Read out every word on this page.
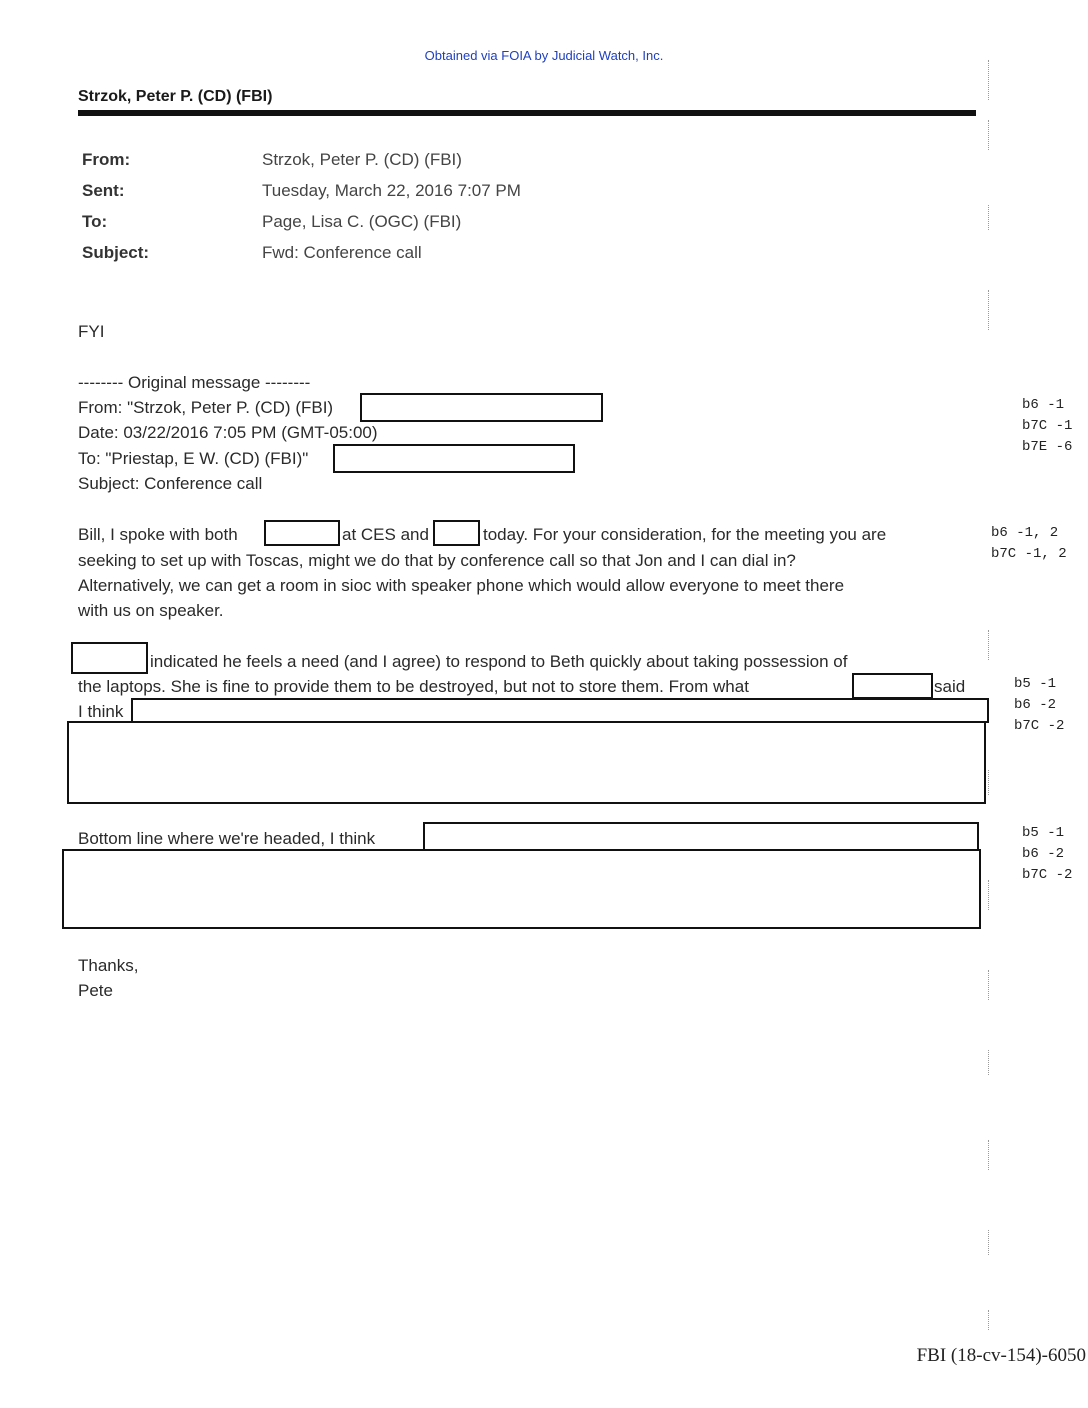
Obtained via FOIA by Judicial Watch, Inc.
Strzok, Peter P. (CD) (FBI)
From:	Strzok, Peter P. (CD) (FBI)
Sent:	Tuesday, March 22, 2016 7:07 PM
To:	Page, Lisa C. (OGC) (FBI)
Subject:	Fwd: Conference call
FYI
-------- Original message --------
From: "Strzok, Peter P. (CD) (FBI)
Date: 03/22/2016 7:05 PM (GMT-05:00)
To: "Priestap, E W. (CD) (FBI)"
Subject: Conference call
Bill, I spoke with both	at CES and	today. For your consideration, for the meeting you are
seeking to set up with Toscas, might we do that by conference call so that Jon and I can dial in?
Alternatively, we can get a room in sioc with speaker phone which would allow everyone to meet there
with us on speaker.
indicated he feels a need (and I agree) to respond to Beth quickly about taking possession of
the laptops. She is fine to provide them to be destroyed, but not to store them. From what	said
I think
Bottom line where we're headed, I think
Thanks,
Pete
b6 -1
b7C -1
b7E -6
b6 -1, 2
b7C -1, 2
b5 -1
b6 -2
b7C -2
b5 -1
b6 -2
b7C -2
FBI (18-cv-154)-6050
